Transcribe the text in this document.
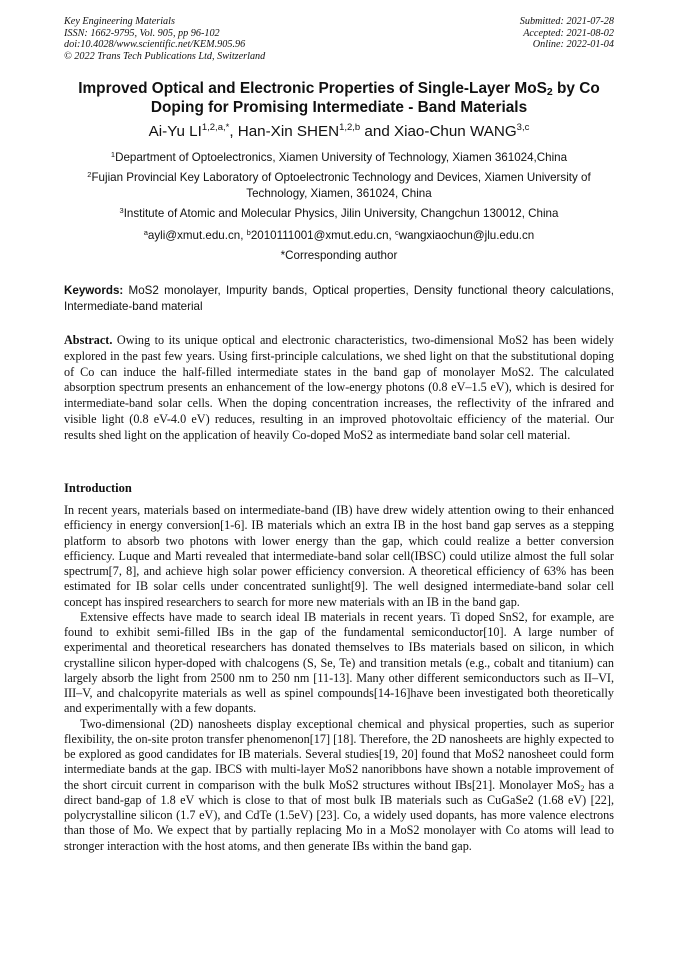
Key Engineering Materials
ISSN: 1662-9795, Vol. 905, pp 96-102
doi:10.4028/www.scientific.net/KEM.905.96
© 2022 Trans Tech Publications Ltd, Switzerland
Submitted: 2021-07-28
Accepted: 2021-08-02
Online: 2022-01-04
Improved Optical and Electronic Properties of Single-Layer MoS$_2$ by Co Doping for Promising Intermediate - Band Materials
Ai-Yu $LI^{1,2,a,*}$, Han-Xin SHEN$^{1,2,b}$ and Xiao-Chun WANG$^{3,c}$
$^1$Department of Optoelectronics, Xiamen University of Technology, Xiamen 361024,China
$^2$Fujian Provincial Key Laboratory of Optoelectronic Technology and Devices, Xiamen University of Technology, Xiamen, 361024, China
$^3$Institute of Atomic and Molecular Physics, Jilin University, Changchun 130012, China
$^a$ayli@xmut.edu.cn, $^b$2010111001@xmut.edu.cn, $^c$wangxiaochun@jlu.edu.cn
*Corresponding author
Keywords: MoS2 monolayer, Impurity bands, Optical properties, Density functional theory calculations, Intermediate-band material
Abstract. Owing to its unique optical and electronic characteristics, two-dimensional MoS2 has been widely explored in the past few years. Using first-principle calculations, we shed light on that the substitutional doping of Co can induce the half-filled intermediate states in the band gap of monolayer MoS2. The calculated absorption spectrum presents an enhancement of the low-energy photons (0.8 eV–1.5 eV), which is desired for intermediate-band solar cells. When the doping concentration increases, the reflectivity of the infrared and visible light (0.8 eV-4.0 eV) reduces, resulting in an improved photovoltaic efficiency of the material. Our results shed light on the application of heavily Co-doped MoS2 as intermediate band solar cell material.
Introduction

In recent years, materials based on intermediate-band (IB) have drew widely attention owing to their enhanced efficiency in energy conversion[1-6]. IB materials which an extra IB in the host band gap serves as a stepping platform to absorb two photons with lower energy than the gap, which could realize a better conversion efficiency. Luque and Marti revealed that intermediate-band solar cell(IBSC) could utilize almost the full solar spectrum[7, 8], and achieve high solar power efficiency conversion. A theoretical efficiency of 63% has been estimated for IB solar cells under concentrated sunlight[9]. The well designed intermediate-band solar cell concept has inspired researchers to search for more new materials with an IB in the band gap.

Extensive effects have made to search ideal IB materials in recent years. Ti doped SnS2, for example, are found to exhibit semi-filled IBs in the gap of the fundamental semiconductor[10]. A large number of experimental and theoretical researchers has donated themselves to IBs materials based on silicon, in which crystalline silicon hyper-doped with chalcogens (S, Se, Te) and transition metals (e.g., cobalt and titanium) can largely absorb the light from 2500 nm to 250 nm [11-13]. Many other different semiconductors such as II–VI, III–V, and chalcopyrite materials as well as spinel compounds[14-16]have been investigated both theoretically and experimentally with a few dopants.

Two-dimensional (2D) nanosheets display exceptional chemical and physical properties, such as superior flexibility, the on-site proton transfer phenomenon[17] [18]. Therefore, the 2D nanosheets are highly expected to be explored as good candidates for IB materials. Several studies[19, 20] found that MoS2 nanosheet could form intermediate bands at the gap. IBCS with multi-layer MoS2 nanoribbons have shown a notable improvement of the short circuit current in comparison with the bulk MoS2 structures without IBs[21]. Monolayer MoS$_2$ has a direct band-gap of 1.8 eV which is close to that of most bulk IB materials such as CuGaSe2 (1.68 eV) [22], polycrystalline silicon (1.7 eV), and CdTe (1.5eV) [23]. Co, a widely used dopants, has more valence electrons than those of Mo. We expect that by partially replacing Mo in a MoS2 monolayer with Co atoms will lead to stronger interaction with the host atoms, and then generate IBs within the band gap.
